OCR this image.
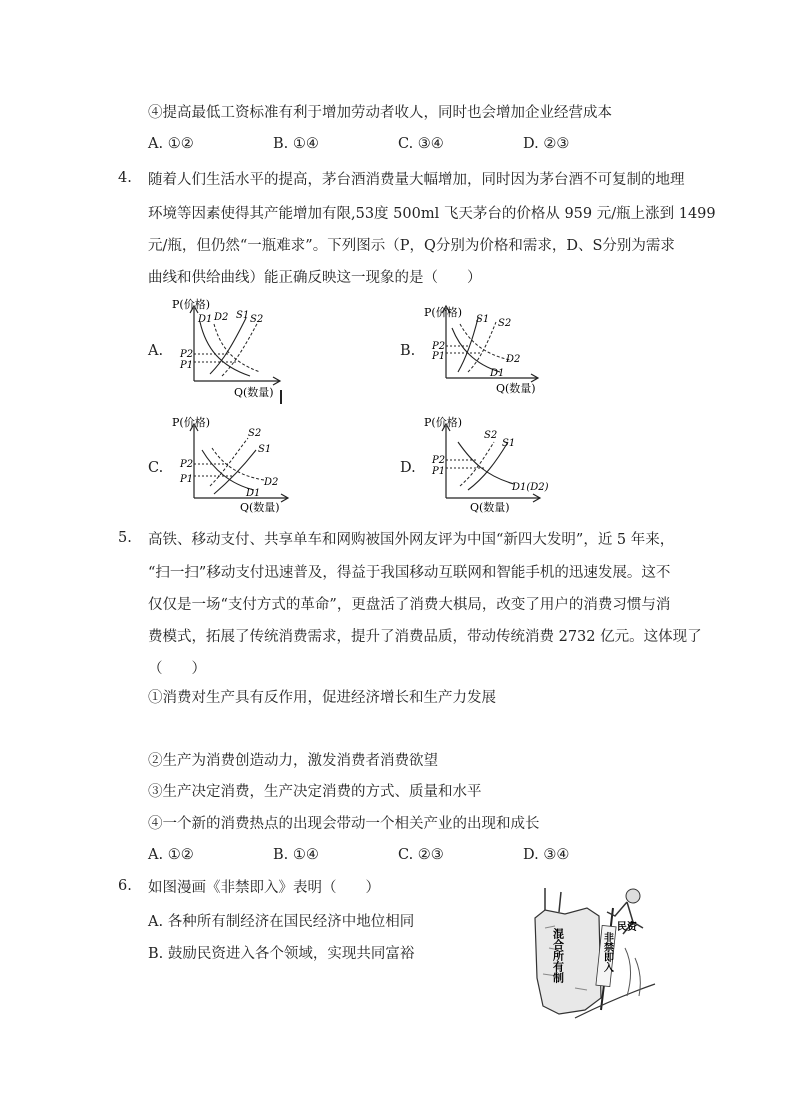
④提高最低工资标准有利于增加劳动者收人，同时也会增加企业经营成本
A. ①②	B. ①④	C. ③④	D. ②③
4. 随着人们生活水平的提高，茅台酒消费量大幅增加，同时因为茅台酒不可复制的地理
环境等因素使得其产能增加有限,53度 500ml 飞天茅台的价格从 959 元/瓶上涨到 1499
元/瓶，但仍然“一瓶难求”。下列图示（P，Q分别为价格和需求，D、S分别为需求
曲线和供给曲线）能正确反映这一现象的是（　　）
A.
P(价格)
Q(数量)
D1 D2 S1 S2
P2
P1
B.
P(价格)
Q(数量)
S1 S2
D2
D1
P2
P1
C.
P(价格)
Q(数量)
S2
S1
D2
D1
P2
P1
D.
P(价格)
Q(数量)
S2
S1
D1(D2)
P2
P1
5. 高铁、移动支付、共享单车和网购被国外网友评为中国“新四大发明”，近 5 年来，
“扫一扫”移动支付迅速普及，得益于我国移动互联网和智能手机的迅速发展。这不
仅仅是一场“支付方式的革命”，更盘活了消费大棋局，改变了用户的消费习惯与消
费模式，拓展了传统消费需求，提升了消费品质，带动传统消费 2732 亿元。这体现了
（　　）
①消费对生产具有反作用，促进经济增长和生产力发展
②生产为消费创造动力，激发消费者消费欲望
③生产决定消费，生产决定消费的方式、质量和水平
④一个新的消费热点的出现会带动一个相关产业的出现和成长
A. ①②	B. ①④	C. ②③	D. ③④
6. 如图漫画《非禁即入》表明（　　）
A. 各种所有制经济在国民经济中地位相同
B. 鼓励民资进入各个领域，实现共同富裕	混合所有制	非禁即入
民资
